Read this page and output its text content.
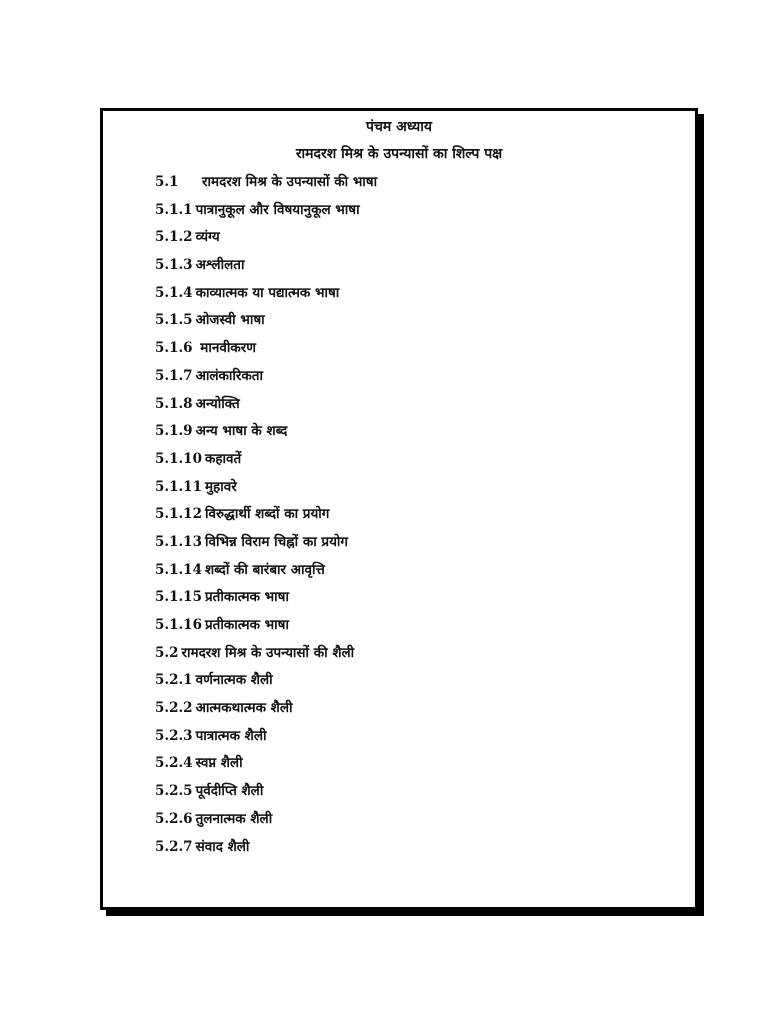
पंचम अध्याय
रामदरश मिश्र के उपन्यासों का शिल्प पक्ष
5.1 रामदरश मिश्र के उपन्यासों की भाषा
5.1.1 पात्रानुकूल और विषयानुकूल भाषा
5.1.2 व्यंग्य
5.1.3 अश्लीलता
5.1.4 काव्यात्मक या पद्यात्मक भाषा
5.1.5 ओजस्वी भाषा
5.1.6 मानवीकरण
5.1.7 आलंकारिकता
5.1.8 अन्योक्ति
5.1.9 अन्य भाषा के शब्द
5.1.10 कहावतें
5.1.11 मुहावरे
5.1.12 विरुद्धार्थी शब्दों का प्रयोग
5.1.13 विभिन्न विराम चिह्नों का प्रयोग
5.1.14 शब्दों की बारंबार आवृत्ति
5.1.15 प्रतीकात्मक भाषा
5.1.16 प्रतीकात्मक भाषा
5.2 रामदरश मिश्र के उपन्यासों की शैली
5.2.1 वर्णनात्मक शैली
5.2.2 आत्मकथात्मक शैली
5.2.3 पात्रात्मक शैली
5.2.4 स्वप्न शैली
5.2.5 पूर्वदीप्ति शैली
5.2.6 तुलनात्मक शैली
5.2.7 संवाद शैली
